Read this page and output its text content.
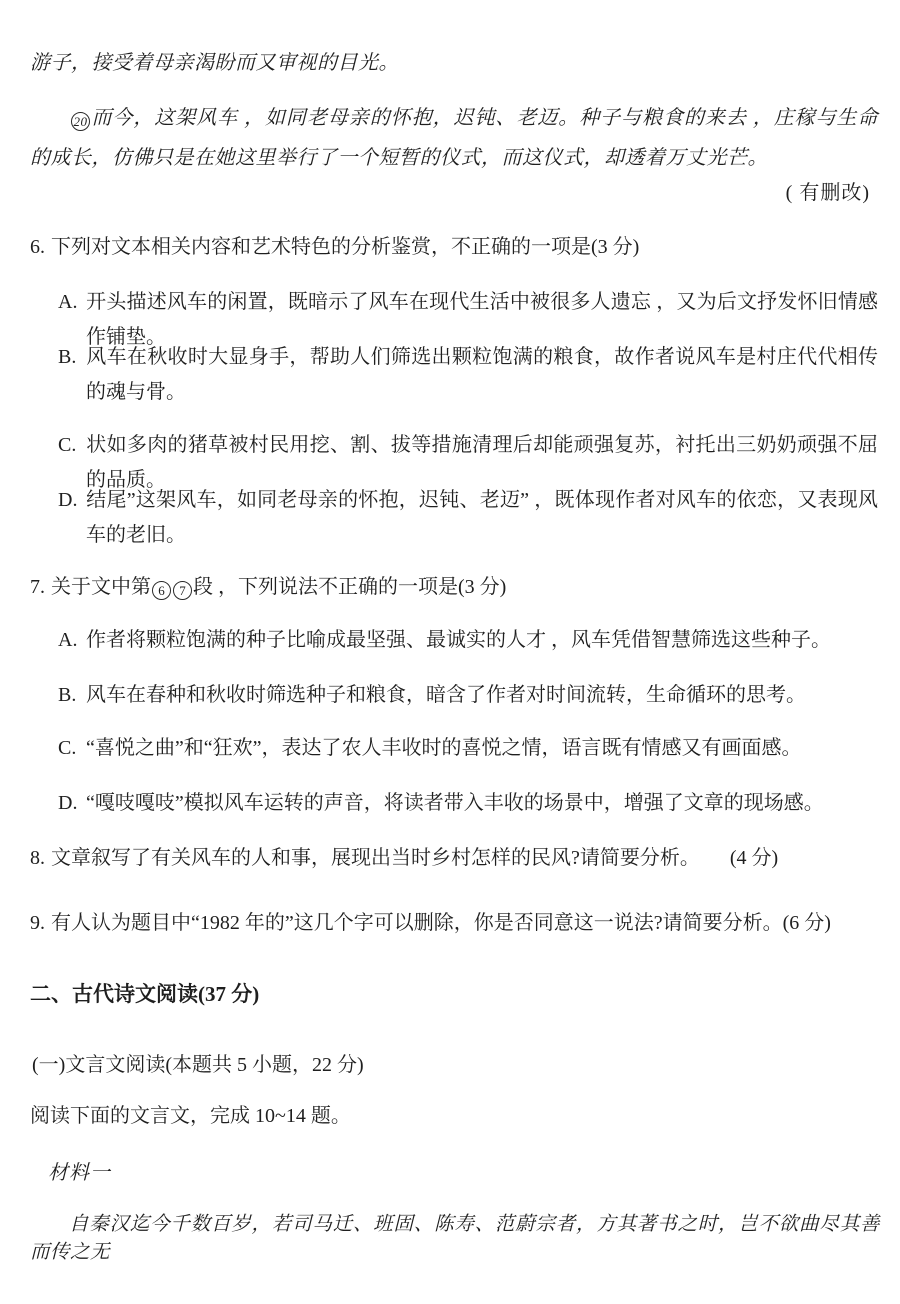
游子，接受着母亲渴盼而又审视的目光。
20 而今，这架风车 ，如同老母亲的怀抱，迟钝、老迈。种子与粮食的来去 ，庄稼与生命的成长，仿佛只是在她这里举行了一个短暂的仪式，而这仪式，却透着万丈光芒。
( 有删改)
6. 下列对文本相关内容和艺术特色的分析鉴赏，不正确的一项是(3 分)
A. 开头描述风车的闲置，既暗示了风车在现代生活中被很多人遗忘 ，又为后文抒发怀旧情感作铺垫。
B. 风车在秋收时大显身手，帮助人们筛选出颗粒饱满的粮食，故作者说风车是村庄代代相传的魂与骨。
C. 状如多肉的猪草被村民用挖、割、拔等措施清理后却能顽强复苏，衬托出三奶奶顽强不屈的品质。
D. 结尾”这架风车，如同老母亲的怀抱，迟钝、老迈” ，既体现作者对风车的依恋，又表现风车的老旧。
7. 关于文中第 6 7 段 ，下列说法不正确的一项是(3 分)
A. 作者将颗粒饱满的种子比喻成最坚强、最诚实的人才 ，风车凭借智慧筛选这些种子。
B. 风车在春种和秋收时筛选种子和粮食，暗含了作者对时间流转，生命循环的思考。
C. “喜悦之曲”和“狂欢”，表达了农人丰收时的喜悦之情，语言既有情感又有画面感。
D. “嘎吱嘎吱”模拟风车运转的声音，将读者带入丰收的场景中，增强了文章的现场感。
8. 文章叙写了有关风车的人和事，展现出当时乡村怎样的民风?请简要分析。　　(4 分)
9. 有人认为题目中“1982 年的”这几个字可以删除，你是否同意这一说法?请简要分析。(6 分)
二、古代诗文阅读(37 分)
(一)文言文阅读(本题共 5 小题，22 分)
阅读下面的文言文，完成 10~14 题。
材料一
自秦汉迄今千数百岁，若司马迁、班固、陈寿、范蔚宗者，方其著书之时，岂不欲曲尽其善而传之无
